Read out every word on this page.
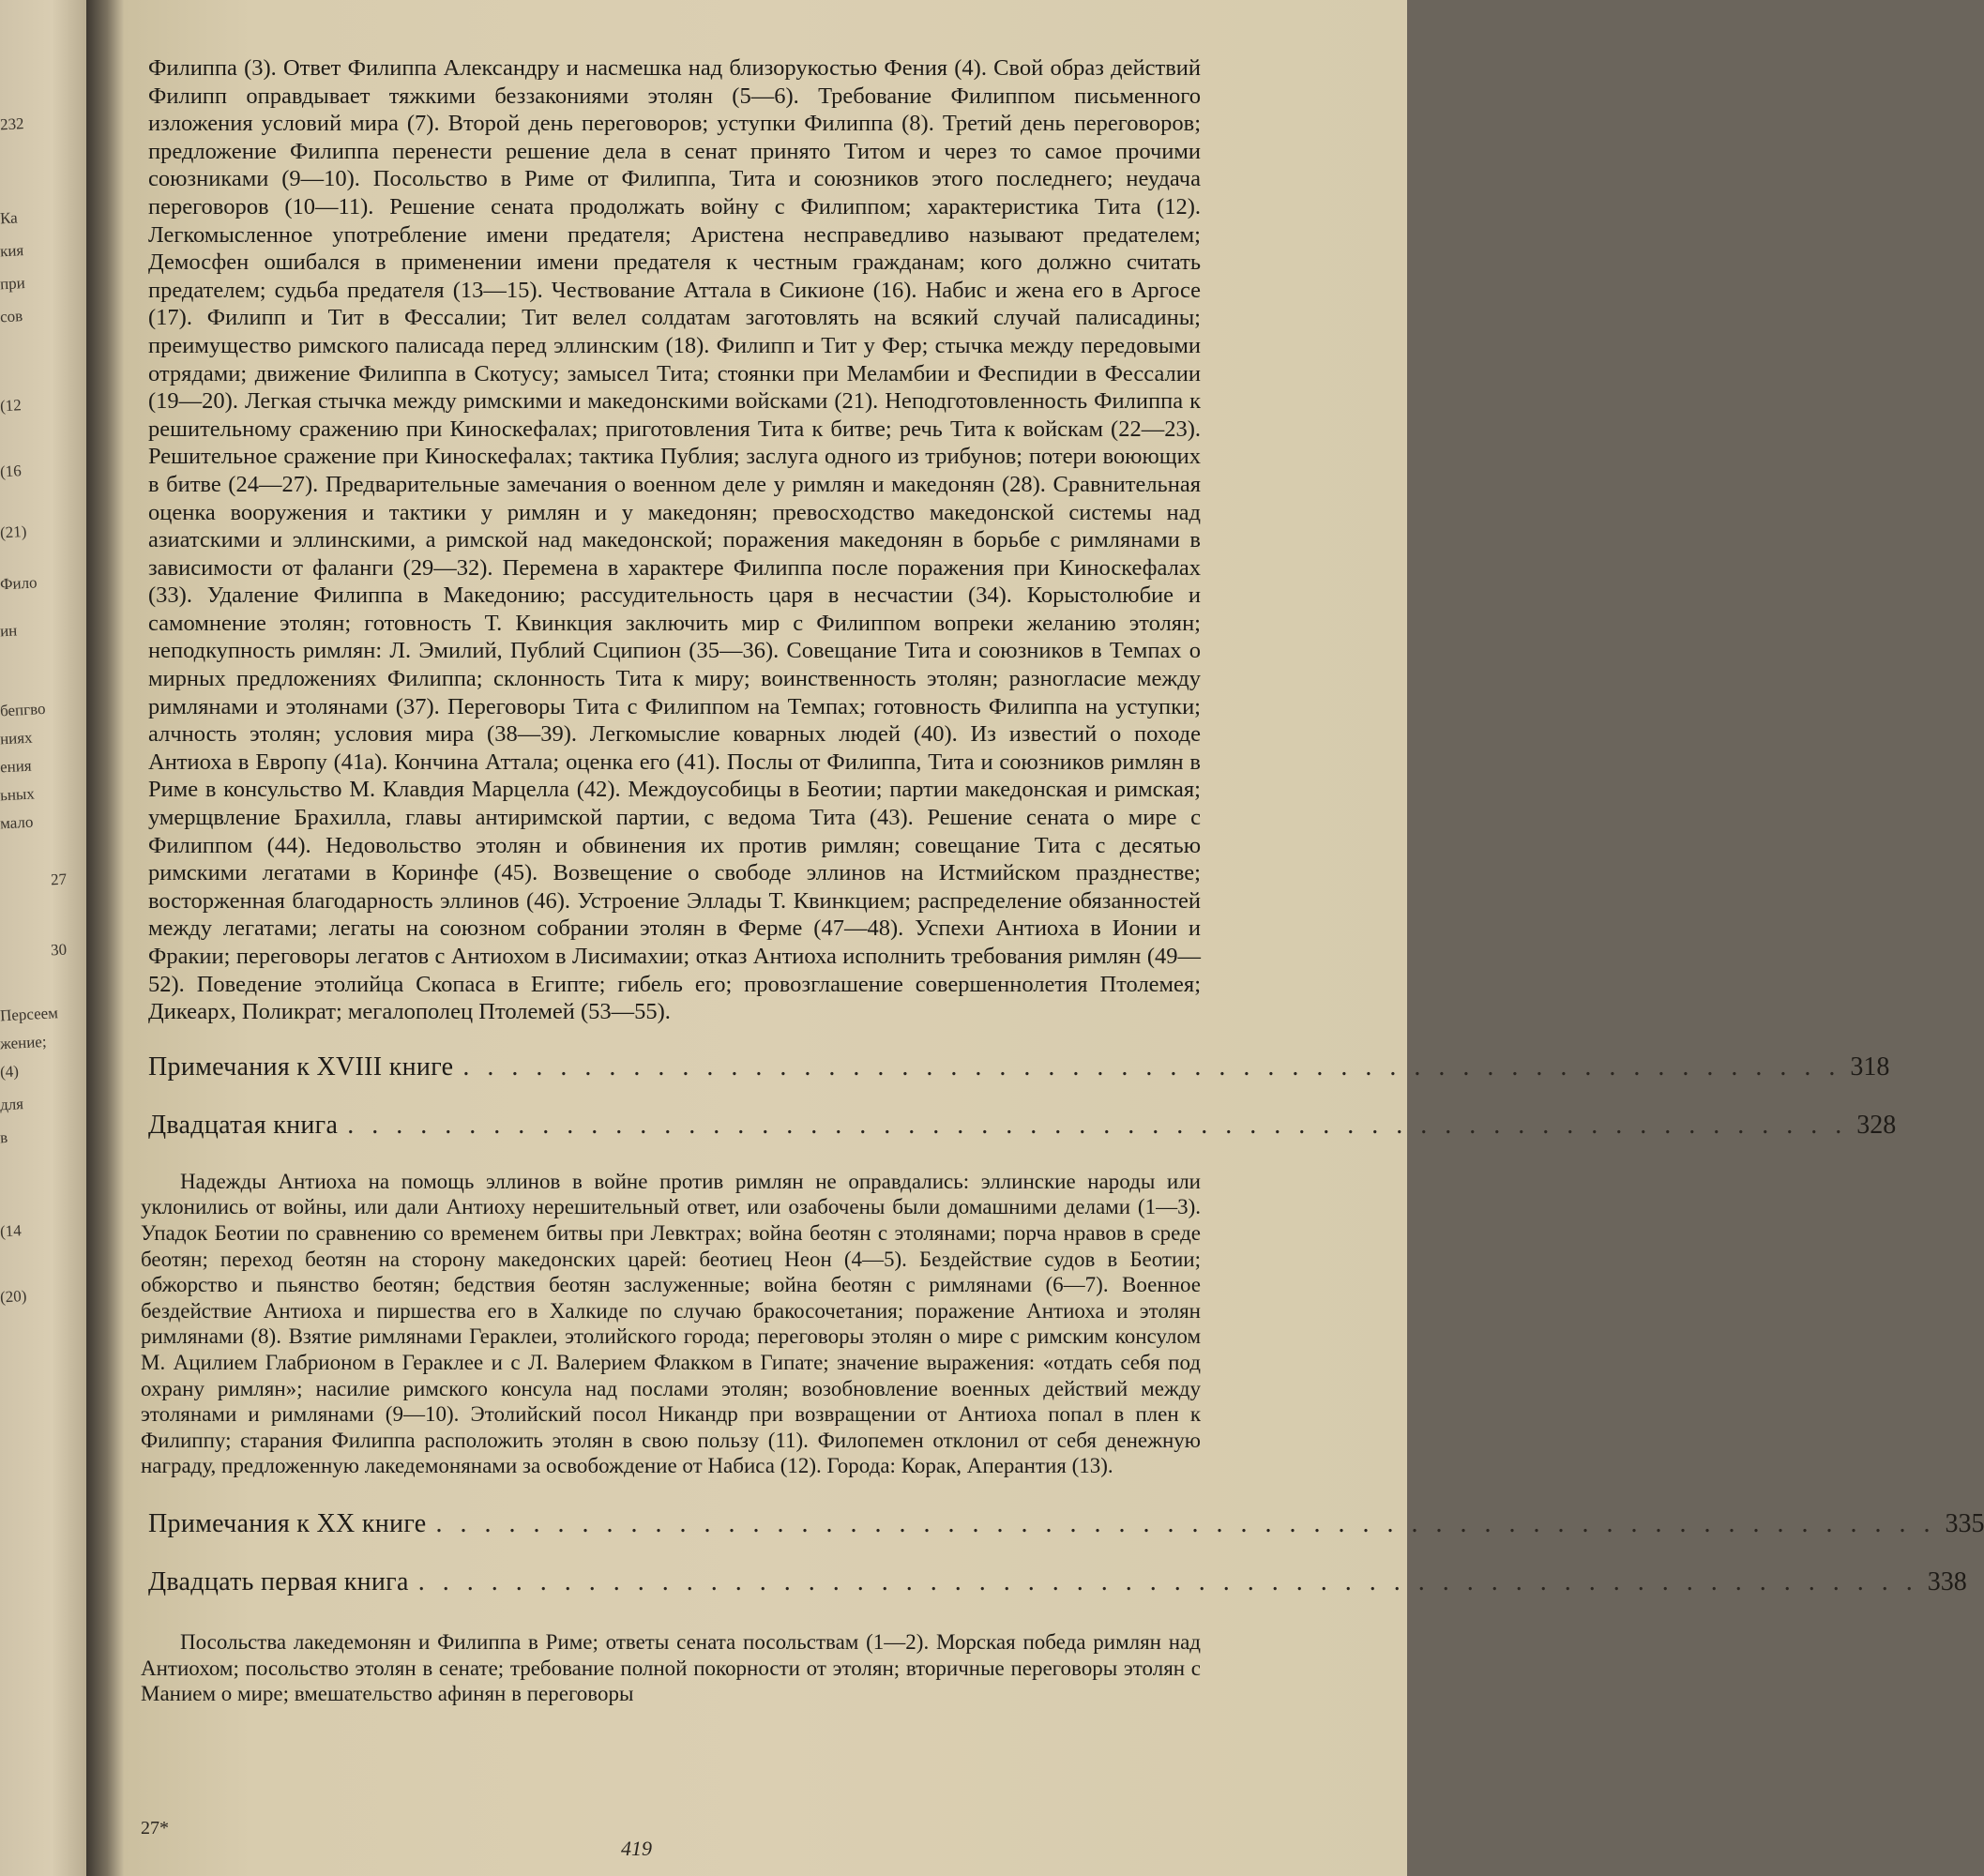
232
Ка
кия
при
сов
(12
(16
(21)
Фило
ин
бепгво
ниях
ения
ьных
мало
27
30
Персеем
жение;
(4)
для
в
(14
(20)

Филиппа (3). Ответ Филиппа Александру и насмешка над близорукостью Фения (4). Свой образ действий Филипп оправдывает тяжкими беззакониями этолян (5—6). Требование Филиппом письменного изложения условий мира (7). Второй день переговоров; уступки Филиппа (8). Третий день переговоров; предложение Филиппа перенести решение дела в сенат принято Титом и через то самое прочими союзниками (9—10). Посольство в Риме от Филиппа, Тита и союзников этого последнего; неудача переговоров (10—11). Решение сената продолжать войну с Филиппом; характеристика Тита (12). Легкомысленное употребление имени предателя; Аристена несправедливо называют предателем; Демосфен ошибался в применении имени предателя к честным гражданам; кого должно считать предателем; судьба предателя (13—15). Чествование Аттала в Сикионе (16). Набис и жена его в Аргосе (17). Филипп и Тит в Фессалии; Тит велел солдатам заготовлять на всякий случай палисадины; преимущество римского палисада перед эллинским (18). Филипп и Тит у Фер; стычка между передовыми отрядами; движение Филиппа в Скотусу; замысел Тита; стоянки при Меламбии и Феспидии в Фессалии (19—20). Легкая стычка между римскими и македонскими войсками (21). Неподготовленность Филиппа к решительному сражению при Киноскефалах; приготовления Тита к битве; речь Тита к войскам (22—23). Решительное сражение при Киноскефалах; тактика Публия; заслуга одного из трибунов; потери воюющих в битве (24—27). Предварительные замечания о военном деле у римлян и македонян (28). Сравнительная оценка вооружения и тактики у римлян и у македонян; превосходство македонской системы над азиатскими и эллинскими, а римской над македонской; поражения македонян в борьбе с римлянами в зависимости от фаланги (29—32). Перемена в характере Филиппа после поражения при Киноскефалах (33). Удаление Филиппа в Македонию; рассудительность царя в несчастии (34). Корыстолюбие и самомнение этолян; готовность Т. Квинкция заключить мир с Филиппом вопреки желанию этолян; неподкупность римлян: Л. Эмилий, Публий Сципион (35—36). Совещание Тита и союзников в Темпах о мирных предложениях Филиппа; склонность Тита к миру; воинственность этолян; разногласие между римлянами и этолянами (37). Переговоры Тита с Филиппом на Темпах; готовность Филиппа на уступки; алчность этолян; условия мира (38—39). Легкомыслие коварных людей (40). Из известий о походе Антиоха в Европу (41а). Кончина Аттала; оценка его (41). Послы от Филиппа, Тита и союзников римлян в Риме в консульство М. Клавдия Марцелла (42). Междоусобицы в Беотии; партии македонская и римская; умерщвление Брахилла, главы антиримской партии, с ведома Тита (43). Решение сената о мире с Филиппом (44). Недовольство этолян и обвинения их против римлян; совещание Тита с десятью римскими легатами в Коринфе (45). Возвещение о свободе эллинов на Истмийском празднестве; восторженная благодарность эллинов (46). Устроение Эллады Т. Квинкцием; распределение обязанностей между легатами; легаты на союзном собрании этолян в Ферме (47—48). Успехи Антиоха в Ионии и Фракии; переговоры легатов с Антиохом в Лисимахии; отказ Антиоха исполнить требования римлян (49—52). Поведение этолийца Скопаса в Египте; гибель его; провозглашение совершеннолетия Птолемея; Дикеарх, Поликрат; мегалополец Птолемей (53—55).

Примечания к XVIII книге . . . . . . . . . . . . . . . . . . . . . . . . . . . . . . . . . . . . . . . . . . . . . . . . . . . . . . . . . 318
Двадцатая книга . . . . . . . . . . . . . . . . . . . . . . . . . . . . . . . . . . . . . . . . . . . . . . . . . . . . . . . . . . . . . . 328

Надежды Антиоха на помощь эллинов в войне против римлян не оправдались: эллинские народы или уклонились от войны, или дали Антиоху нерешительный ответ, или озабочены были домашними делами (1—3). Упадок Беотии по сравнению со временем битвы при Левктрах; война беотян с этолянами; порча нравов в среде беотян; переход беотян на сторону македонских царей: беотиец Неон (4—5). Бездействие судов в Беотии; обжорство и пьянство беотян; бедствия беотян заслуженные; война беотян с римлянами (6—7). Военное бездействие Антиоха и пиршества его в Халкиде по случаю бракосочетания; поражение Антиоха и этолян римлянами (8). Взятие римлянами Гераклеи, этолийского города; переговоры этолян о мире с римским консулом М. Ацилием Глабрионом в Гераклее и с Л. Валерием Флакком в Гипате; значение выражения: «отдать себя под охрану римлян»; насилие римского консула над послами этолян; возобновление военных действий между этолянами и римлянами (9—10). Этолийский посол Никандр при возвращении от Антиоха попал в плен к Филиппу; старания Филиппа расположить этолян в свою пользу (11). Филопемен отклонил от себя денежную награду, предложенную лакедемонянами за освобождение от Набиса (12). Города: Корак, Аперантия (13).

Примечания к XX книге . . . . . . . . . . . . . . . . . . . . . . . . . . . . . . . . . . . . . . . . . . . . . . . . . . . . . . . . . . . . . . 335
Двадцать первая книга . . . . . . . . . . . . . . . . . . . . . . . . . . . . . . . . . . . . . . . . . . . . . . . . . . . . . . . . . . . . . . 338

Посольства лакедемонян и Филиппа в Риме; ответы сената посольствам (1—2). Морская победа римлян над Антиохом; посольство этолян в сенате; требование полной покорности от этолян; вторичные переговоры этолян с Манием о мире; вмешательство афинян в переговоры

27*
419
